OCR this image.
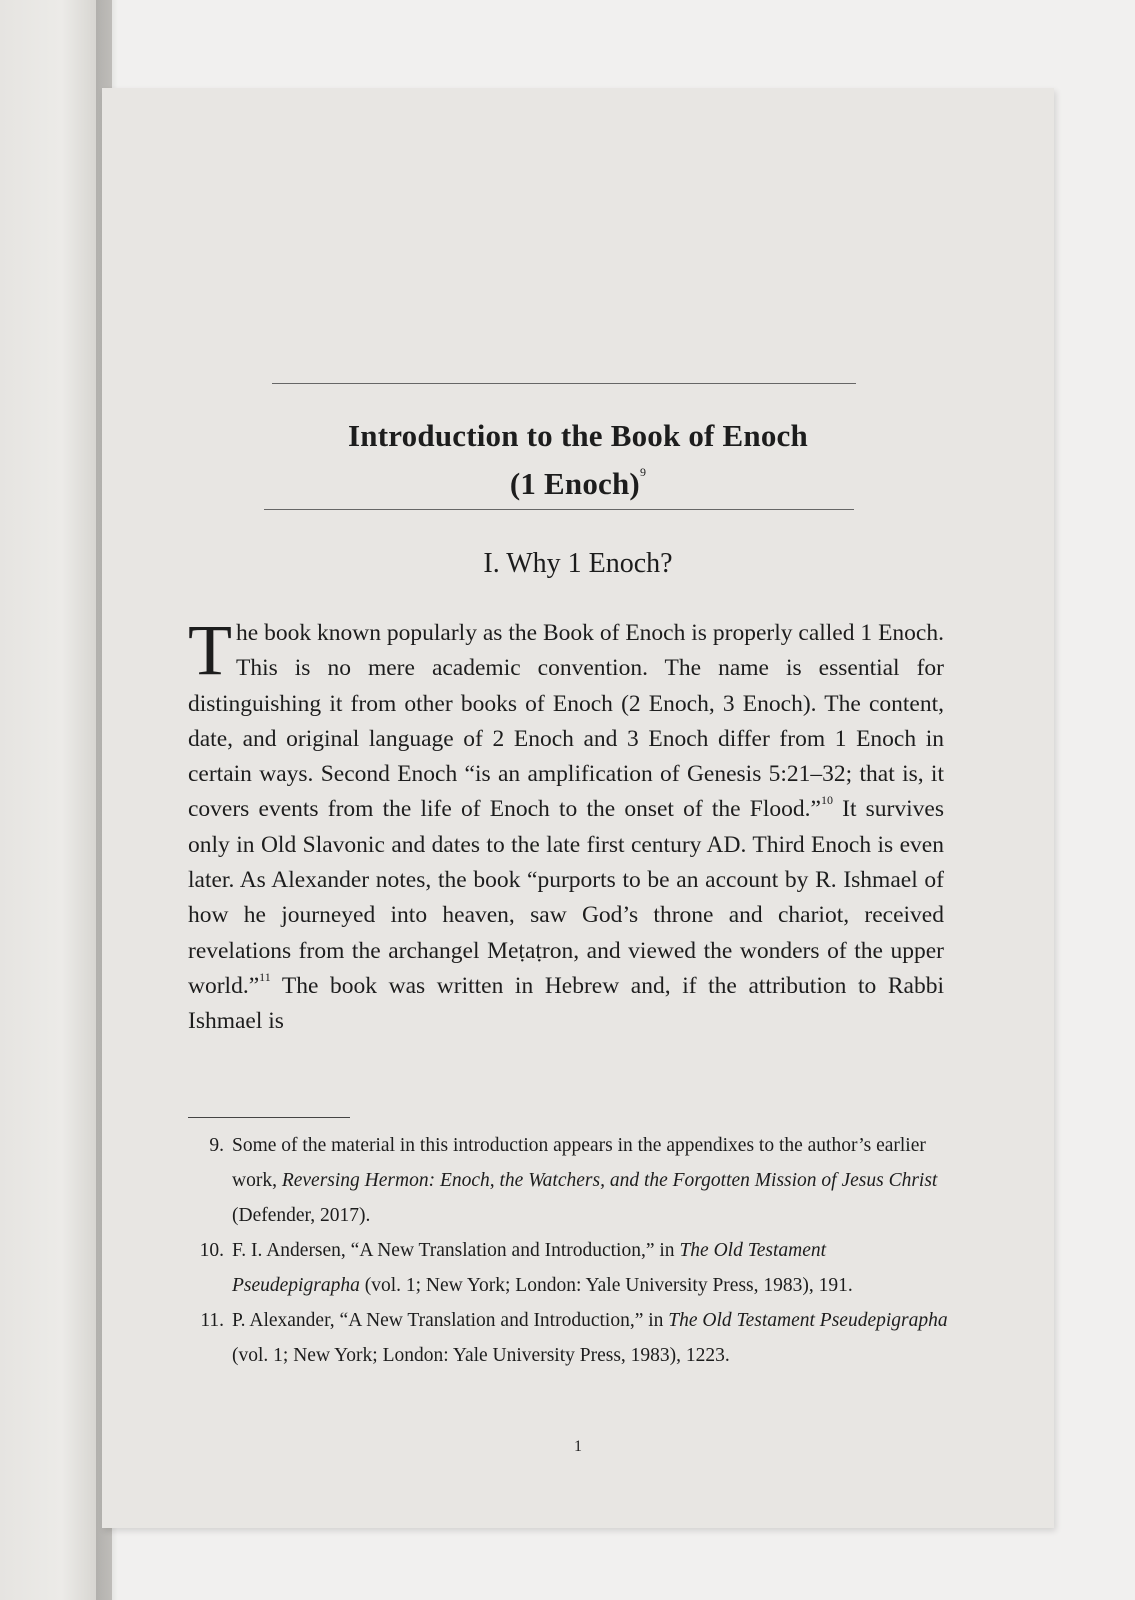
Introduction to the Book of Enoch
(1 Enoch)$^9$
I. Why 1 Enoch?
The book known popularly as the Book of Enoch is properly called 1 Enoch. This is no mere academic convention. The name is essential for distinguishing it from other books of Enoch (2 Enoch, 3 Enoch). The content, date, and original language of 2 Enoch and 3 Enoch differ from 1 Enoch in certain ways. Second Enoch “is an amplification of Genesis 5:21–32; that is, it covers events from the life of Enoch to the onset of the Flood.”$^{10}$ It survives only in Old Slavonic and dates to the late first century AD. Third Enoch is even later. As Alexander notes, the book “purports to be an account by R. Ishmael of how he journeyed into heaven, saw God’s throne and chariot, received revelations from the archangel Meṭaṭron, and viewed the wonders of the upper world.”$^{11}$ The book was written in Hebrew and, if the attribution to Rabbi Ishmael is
9. Some of the material in this introduction appears in the appendixes to the author’s earlier work, Reversing Hermon: Enoch, the Watchers, and the Forgotten Mission of Jesus Christ (Defender, 2017).
10. F. I. Andersen, “A New Translation and Introduction,” in The Old Testament Pseudepigrapha (vol. 1; New York; London: Yale University Press, 1983), 191.
11. P. Alexander, “A New Translation and Introduction,” in The Old Testament Pseudepigrapha (vol. 1; New York; London: Yale University Press, 1983), 1223.
1
